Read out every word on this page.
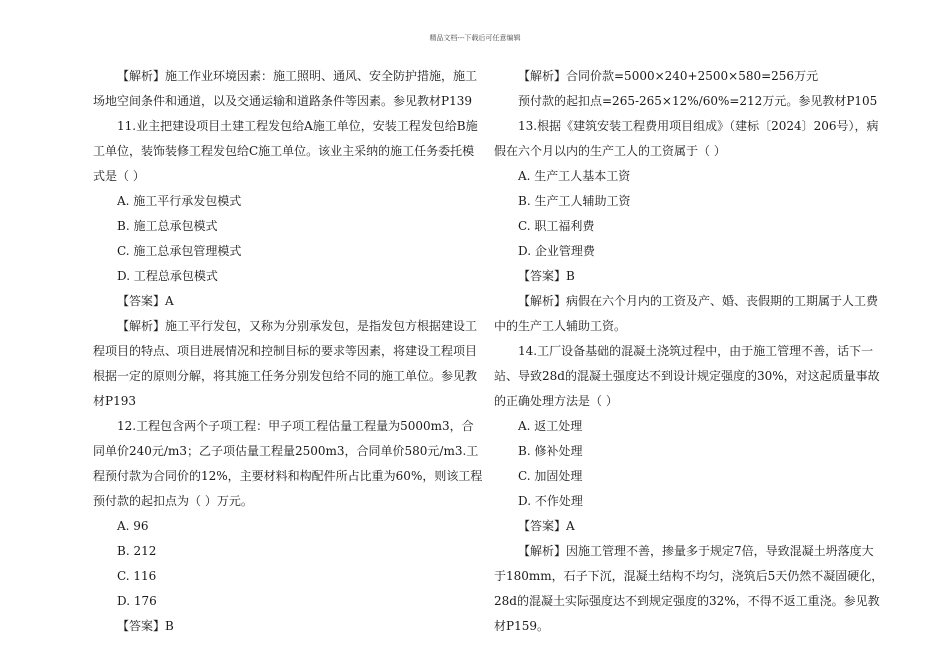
精品文档---下载后可任意编辑

【解析】施工作业环境因素：施工照明、通风、安全防护措施，施工场地空间条件和通道，以及交通运输和道路条件等因素。参见教材P139

11.业主把建设项目土建工程发包给A施工单位，安装工程发包给B施工单位，装饰装修工程发包给C施工单位。该业主采纳的施工任务委托模式是（ ）

A. 施工平行承发包模式

B. 施工总承包模式

C. 施工总承包管理模式

D. 工程总承包模式

【答案】A

【解析】施工平行发包，又称为分别承发包，是指发包方根据建设工程项目的特点、项目进展情况和控制目标的要求等因素，将建设工程项目根据一定的原则分解，将其施工任务分别发包给不同的施工单位。参见教材P193

12.工程包含两个子项工程：甲子项工程估量工程量为5000m3，合同单价240元/m3；乙子项估量工程量2500m3，合同单价580元/m3.工程预付款为合同价的12%，主要材料和构配件所占比重为60%，则该工程预付款的起扣点为（ ）万元。

A. 96

B. 212

C. 116

D. 176

【答案】B

【解析】合同价款=5000×240+2500×580=256万元

预付款的起扣点=265-265×12%/60%=212万元。参见教材P105

13.根据《建筑安装工程费用项目组成》（建标〔2024〕206号），病假在六个月以内的生产工人的工资属于（ ）

A. 生产工人基本工资

B. 生产工人辅助工资

C. 职工福利费

D. 企业管理费

【答案】B

【解析】病假在六个月内的工资及产、婚、丧假期的工期属于人工费中的生产工人辅助工资。

14.工厂设备基础的混凝土浇筑过程中，由于施工管理不善，话下一站、导致28d的混凝土强度达不到设计规定强度的30%，对这起质量事故的正确处理方法是（ ）

A. 返工处理

B. 修补处理

C. 加固处理

D. 不作处理

【答案】A

【解析】因施工管理不善，掺量多于规定7倍，导致混凝土坍落度大于180mm，石子下沉，混凝土结构不均匀，浇筑后5天仍然不凝固硬化，28d的混凝土实际强度达不到规定强度的32%，不得不返工重浇。参见教材P159。
